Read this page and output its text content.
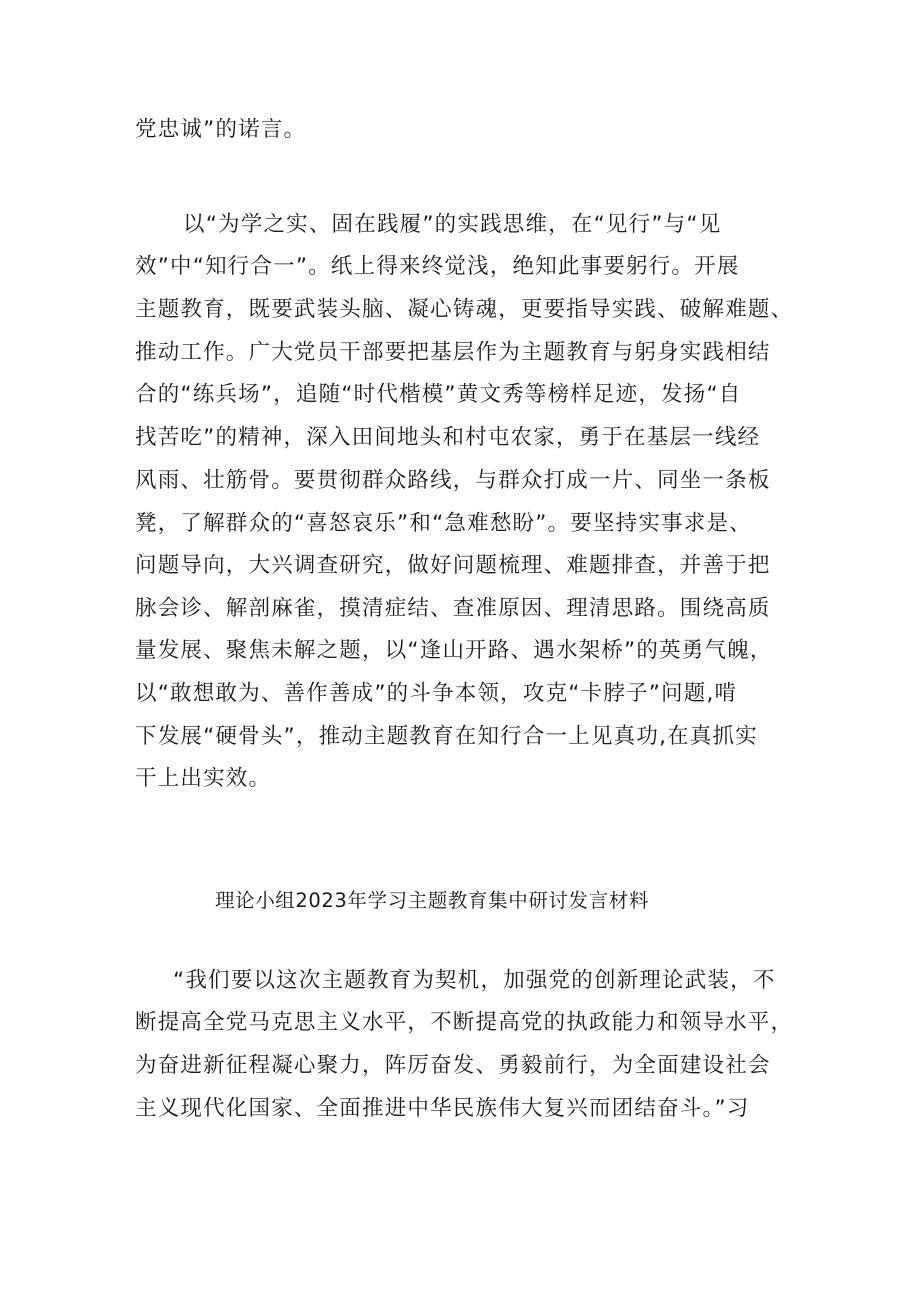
党忠诚”的诺言。
以“为学之实、固在践履”的实践思维，在“见行”与“见
效”中“知行合一”。纸上得来终觉浅，绝知此事要躬行。开展
主题教育，既要武装头脑、凝心铸魂，更要指导实践、破解难题、
推动工作。广大党员干部要把基层作为主题教育与躬身实践相结
合的“练兵场”，追随“时代楷模”黄文秀等榜样足迹，发扬“自
找苦吃”的精神，深入田间地头和村屯农家，勇于在基层一线经
风雨、壮筋骨。要贯彻群众路线，与群众打成一片、同坐一条板
凳，了解群众的“喜怒哀乐”和“急难愁盼”。要坚持实事求是、
问题导向，大兴调查研究，做好问题梳理、难题排查，并善于把
脉会诊、解剖麻雀，摸清症结、查准原因、理清思路。围绕高质
量发展、聚焦未解之题，以“逢山开路、遇水架桥”的英勇气魄，
以“敢想敢为、善作善成”的斗争本领，攻克“卡脖子”问题,啃
下发展“硬骨头”，推动主题教育在知行合一上见真功,在真抓实
干上出实效。
理论小组2023年学习主题教育集中研讨发言材料
“我们要以这次主题教育为契机，加强党的创新理论武装，不
断提高全党马克思主义水平，不断提高党的执政能力和领导水平，
为奋进新征程凝心聚力，阵厉奋发、勇毅前行，为全面建设社会
主义现代化国家、全面推进中华民族伟大复兴而团结奋斗。”习
